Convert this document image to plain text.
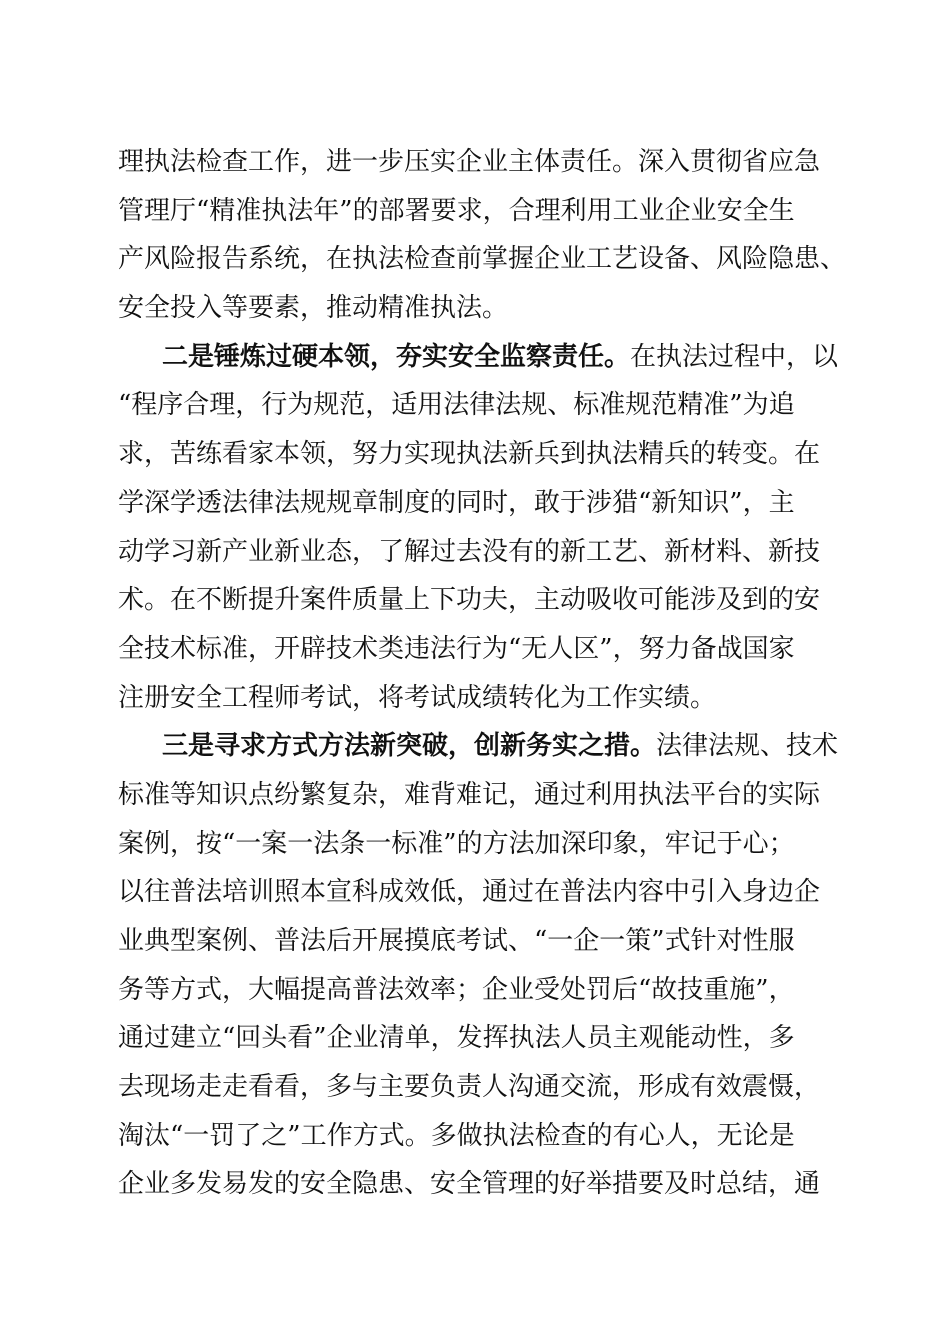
理执法检查工作，进一步压实企业主体责任。深入贯彻省应急
管理厅“精准执法年”的部署要求，合理利用工业企业安全生
产风险报告系统，在执法检查前掌握企业工艺设备、风险隐患、
安全投入等要素，推动精准执法。
二是锤炼过硬本领，夯实安全监察责任。 在执法过程中，以
“程序合理，行为规范，适用法律法规、标准规范精准”为追
求，苦练看家本领，努力实现执法新兵到执法精兵的转变。在
学深学透法律法规规章制度的同时，敢于涉猎“新知识”，主
动学习新产业新业态，了解过去没有的新工艺、新材料、新技
术。在不断提升案件质量上下功夫，主动吸收可能涉及到的安
全技术标准，开辟技术类违法行为“无人区”，努力备战国家
注册安全工程师考试，将考试成绩转化为工作实绩。
三是寻求方式方法新突破，创新务实之措。 法律法规、技术
标准等知识点纷繁复杂，难背难记，通过利用执法平台的实际
案例，按“一案一法条一标准”的方法加深印象，牢记于心；
以往普法培训照本宣科成效低，通过在普法内容中引入身边企
业典型案例、普法后开展摸底考试、“一企一策”式针对性服
务等方式，大幅提高普法效率；企业受处罚后“故技重施”，
通过建立“回头看”企业清单，发挥执法人员主观能动性，多
去现场走走看看，多与主要负责人沟通交流，形成有效震慑，
淘汰“一罚了之”工作方式。多做执法检查的有心人，无论是
企业多发易发的安全隐患、安全管理的好举措要及时总结，通
